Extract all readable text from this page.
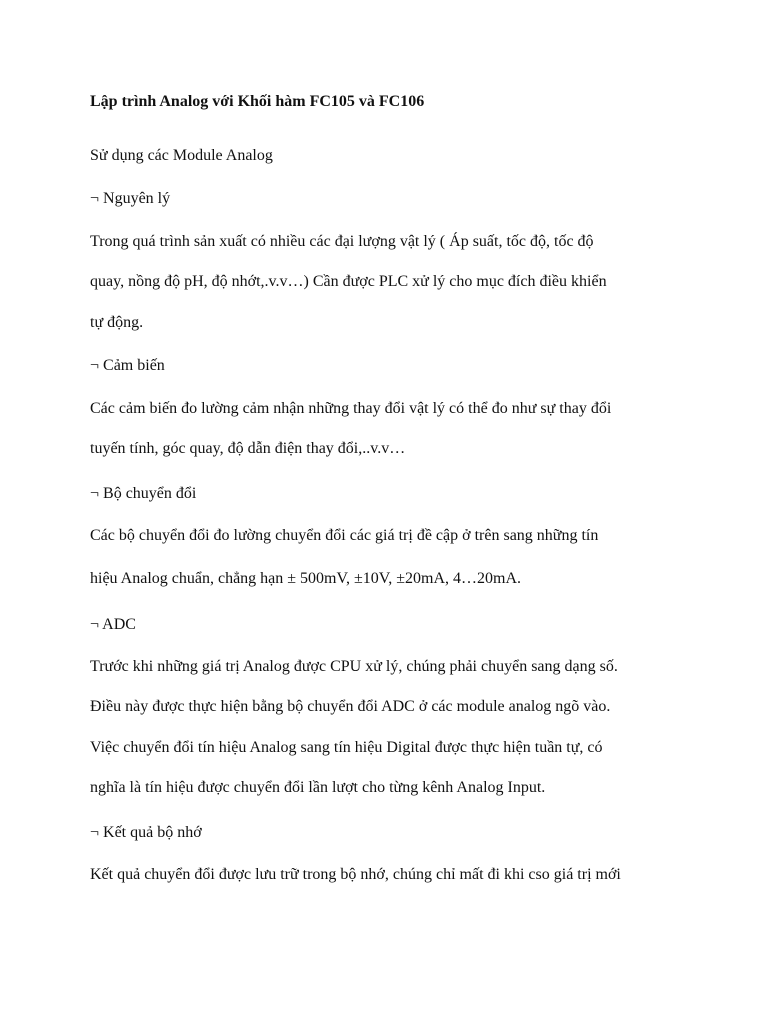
Lập trình Analog với Khối hàm FC105 và FC106
Sử dụng các Module Analog
¬ Nguyên lý
Trong quá trình sản xuất có nhiều các đại lượng vật lý ( Áp suất, tốc độ, tốc độ
quay, nồng độ pH, độ nhớt,.v.v…) Cần được PLC xử lý cho mục đích điều khiển
tự động.
¬ Cảm biến
Các cảm biến đo lường cảm nhận những thay đổi vật lý có thể đo như sự thay đổi
tuyến tính, góc quay, độ dẫn điện thay đổi,..v.v…
¬ Bộ chuyển đổi
Các bộ chuyển đổi đo lường chuyển đổi các giá trị đề cập ở trên sang những tín
hiệu Analog chuẩn, chẳng hạn ± 500mV, ±10V, ±20mA, 4…20mA.
¬ ADC
Trước khi những giá trị Analog được CPU xử lý, chúng phải chuyển sang dạng số.
Điều này được thực hiện bằng bộ chuyển đổi ADC ở các module analog ngõ vào.
Việc chuyển đổi tín hiệu Analog sang tín hiệu Digital được thực hiện tuần tự, có
nghĩa là tín hiệu được chuyển đổi lần lượt cho từng kênh Analog Input.
¬ Kết quả bộ nhớ
Kết quả chuyển đổi được lưu trữ trong bộ nhớ, chúng chỉ mất đi khi cso giá trị mới
